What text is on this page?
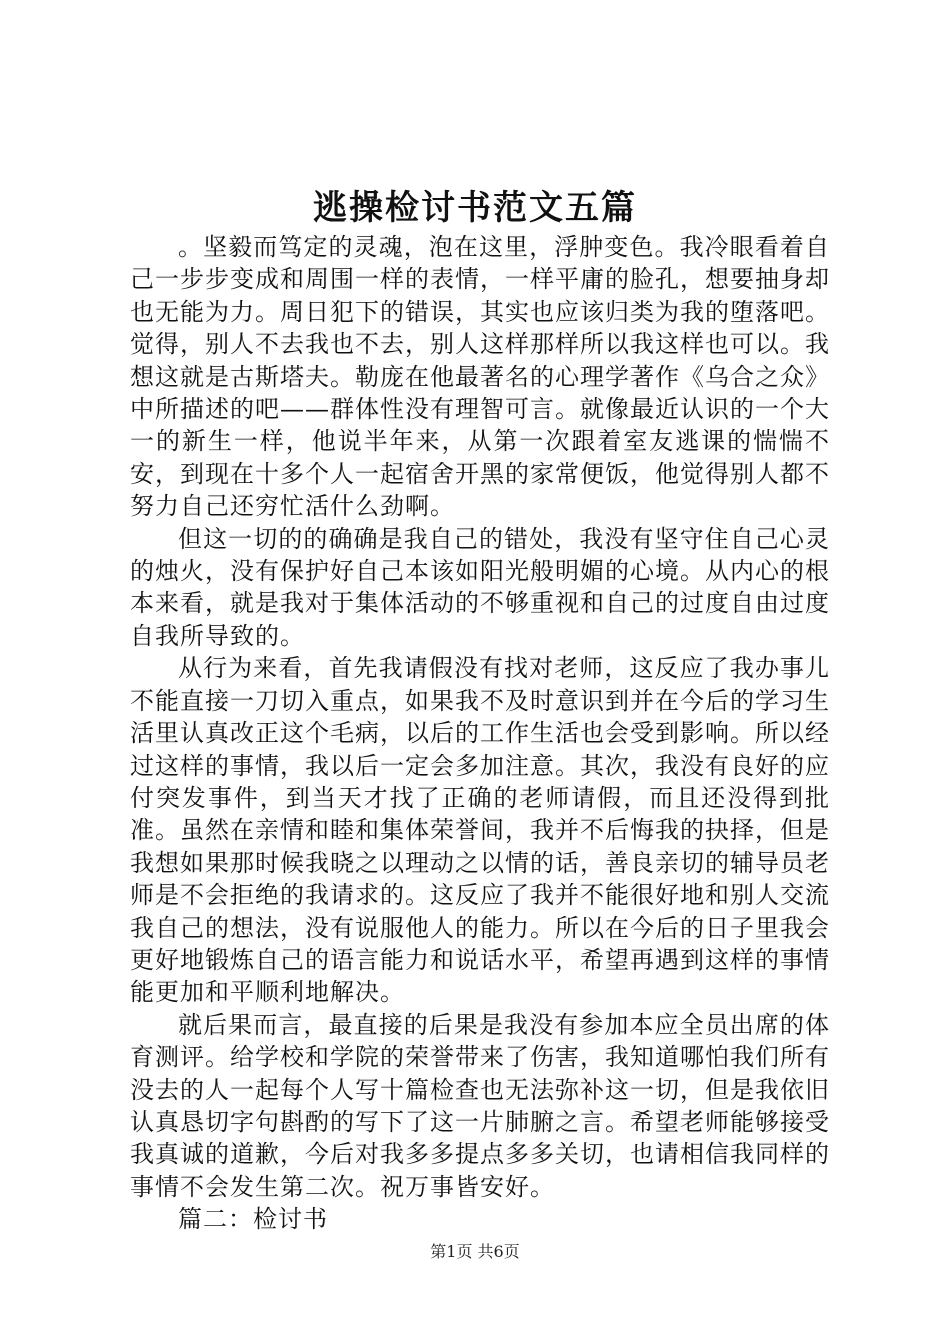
逃操检讨书范文五篇

。坚毅而笃定的灵魂，泡在这里，浮肿变色。我冷眼看着自己一步步变成和周围一样的表情，一样平庸的脸孔，想要抽身却也无能为力。周日犯下的错误，其实也应该归类为我的堕落吧。觉得，别人不去我也不去，别人这样那样所以我这样也可以。我想这就是古斯塔夫。勒庞在他最著名的心理学著作《乌合之众》中所描述的吧——群体性没有理智可言。就像最近认识的一个大一的新生一样，他说半年来，从第一次跟着室友逃课的惴惴不安，到现在十多个人一起宿舍开黑的家常便饭，他觉得别人都不努力自己还穷忙活什么劲啊。

但这一切的的确确是我自己的错处，我没有坚守住自己心灵的烛火，没有保护好自己本该如阳光般明媚的心境。从内心的根本来看，就是我对于集体活动的不够重视和自己的过度自由过度自我所导致的。

从行为来看，首先我请假没有找对老师，这反应了我办事儿不能直接一刀切入重点，如果我不及时意识到并在今后的学习生活里认真改正这个毛病，以后的工作生活也会受到影响。所以经过这样的事情，我以后一定会多加注意。其次，我没有良好的应付突发事件，到当天才找了正确的老师请假，而且还没得到批准。虽然在亲情和睦和集体荣誉间，我并不后悔我的抉择，但是我想如果那时候我晓之以理动之以情的话，善良亲切的辅导员老师是不会拒绝的我请求的。这反应了我并不能很好地和别人交流我自己的想法，没有说服他人的能力。所以在今后的日子里我会更好地锻炼自己的语言能力和说话水平，希望再遇到这样的事情能更加和平顺利地解决。

就后果而言，最直接的后果是我没有参加本应全员出席的体育测评。给学校和学院的荣誉带来了伤害，我知道哪怕我们所有没去的人一起每个人写十篇检查也无法弥补这一切，但是我依旧认真恳切字句斟酌的写下了这一片肺腑之言。希望老师能够接受我真诚的道歉，今后对我多多提点多多关切，也请相信我同样的事情不会发生第二次。祝万事皆安好。

篇二：检讨书

第1页 共6页
